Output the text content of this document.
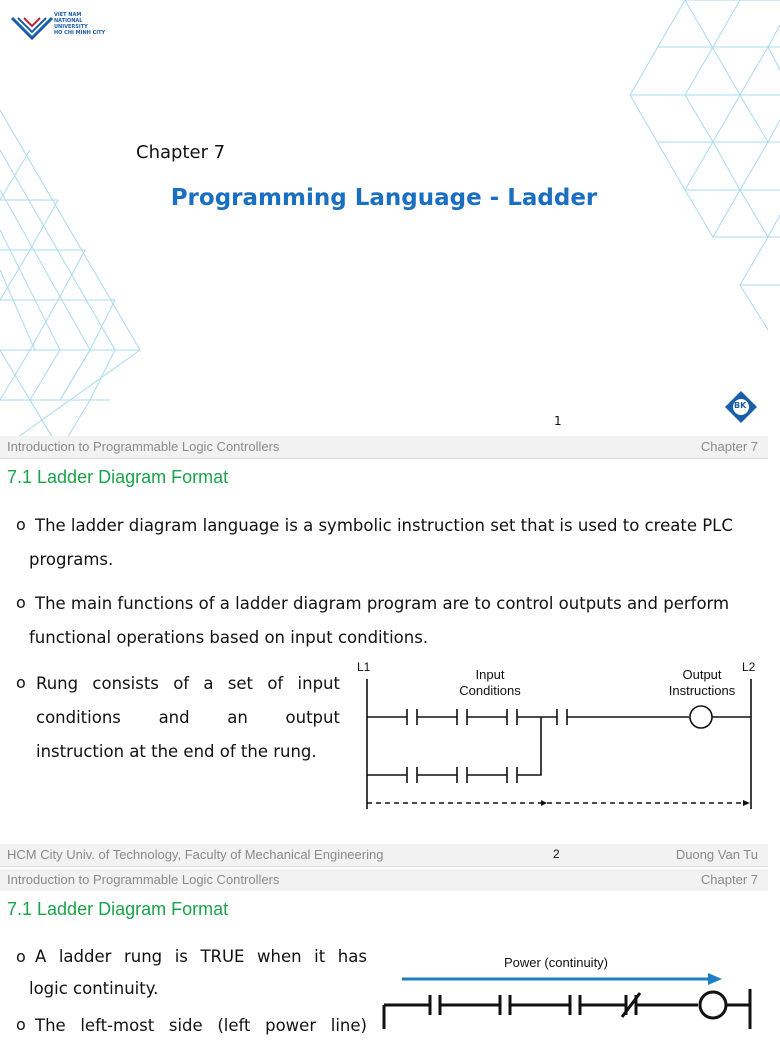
VIET NAM
NATIONAL
UNIVERSITY
HO CHI MINH CITY
Chapter 7
Programming Language - Ladder
1
BK
Introduction to Programmable Logic Controllers	Chapter 7
7.1 Ladder Diagram Format
o The ladder diagram language is a symbolic instruction set that is used to create PLC
programs.
o The main functions of a ladder diagram program are to control outputs and perform
functional operations based on input conditions.
o Rung consists of a set of input
conditions and an output
instruction at the end of the rung.
L1	L2
Input
Conditions
Output
Instructions
HCM City Univ. of Technology, Faculty of Mechanical Engineering	2	Duong Van Tu
Introduction to Programmable Logic Controllers	Chapter 7
7.1 Ladder Diagram Format
o A ladder rung is TRUE when it has
logic continuity.
o The left-most side (left power line)
Power (continuity)
